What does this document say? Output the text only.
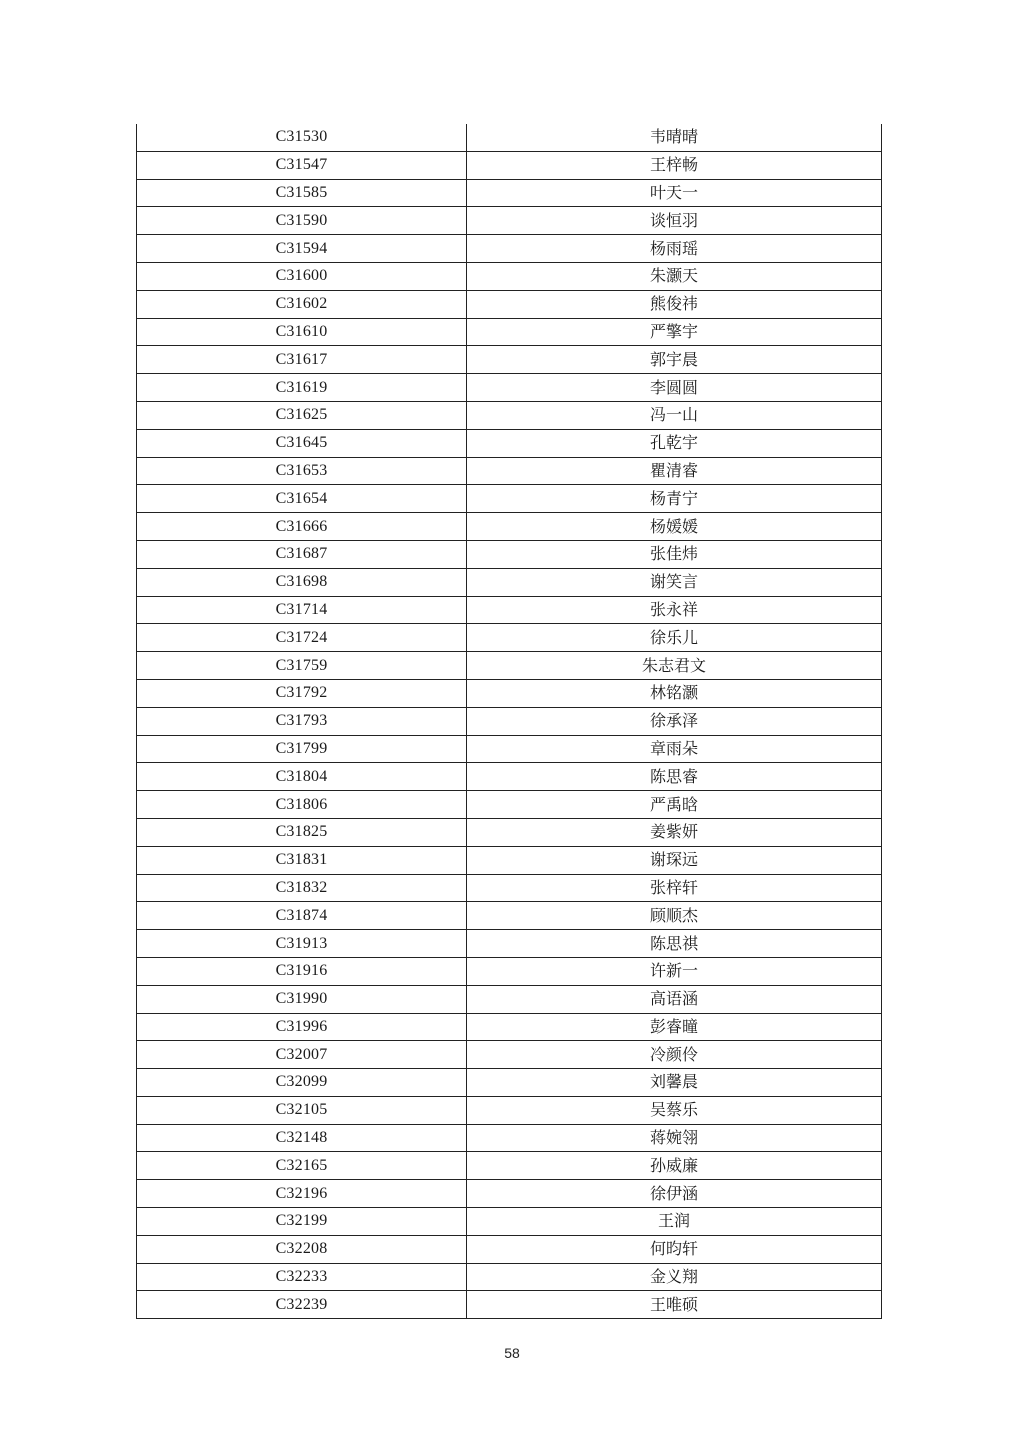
C31530	韦晴晴
C31547	王梓畅
C31585	叶天一
C31590	谈恒羽
C31594	杨雨瑶
C31600	朱灏天
C31602	熊俊祎
C31610	严擎宇
C31617	郭宇晨
C31619	李圆圆
C31625	冯一山
C31645	孔乾宇
C31653	瞿清睿
C31654	杨青宁
C31666	杨媛媛
C31687	张佳炜
C31698	谢笑言
C31714	张永祥
C31724	徐乐儿
C31759	朱志君文
C31792	林铭灏
C31793	徐承泽
C31799	章雨朵
C31804	陈思睿
C31806	严禹晗
C31825	姜紫妍
C31831	谢琛远
C31832	张梓轩
C31874	顾顺杰
C31913	陈思祺
C31916	许新一
C31990	高语涵
C31996	彭睿曈
C32007	冷颜伶
C32099	刘馨晨
C32105	吴蔡乐
C32148	蒋婉翎
C32165	孙威廉
C32196	徐伊涵
C32199	王润
C32208	何昀轩
C32233	金义翔
C32239	王唯硕
58
